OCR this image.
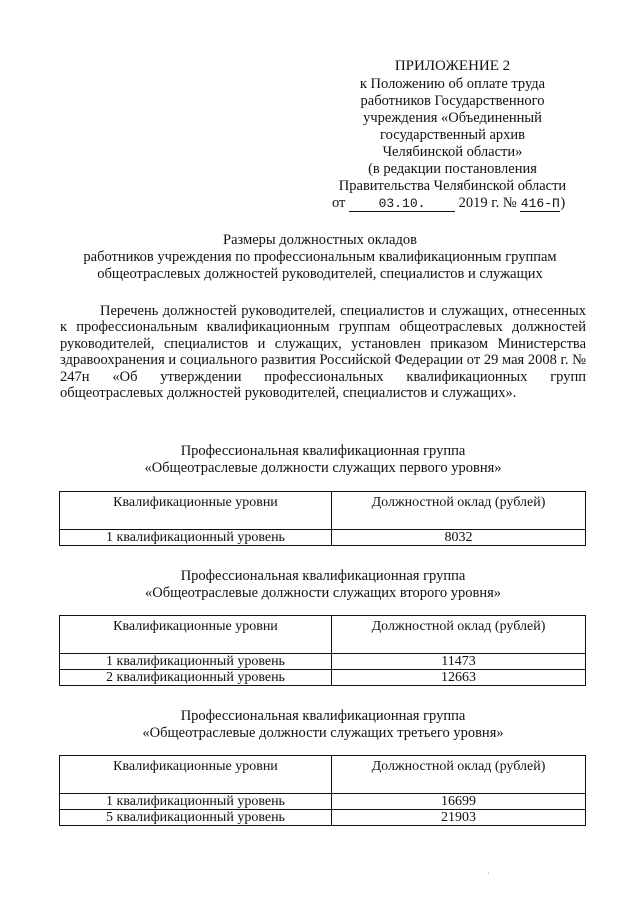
ПРИЛОЖЕНИЕ 2
к Положению об оплате труда
работников Государственного
учреждения «Объединенный
государственный архив
Челябинской области»
(в редакции постановления
Правительства Челябинской области
от	03.10. 2019 г. № 416-П)
Размеры должностных окладов
работников учреждения по профессиональным квалификационным группам
общеотраслевых должностей руководителей, специалистов и служащих
Перечень должностей руководителей, специалистов и служащих, отнесенных к профессиональным квалификационным группам общеотраслевых должностей руководителей, специалистов и служащих, установлен приказом Министерства здравоохранения и социального развития Российской Федерации от 29 мая 2008 г. № 247н «Об утверждении профессиональных квалификационных групп общеотраслевых должностей руководителей, специалистов и служащих».
Профессиональная квалификационная группа
«Общеотраслевые должности служащих первого уровня»
Квалификационные уровни	Должностной оклад (рублей)
1 квалификационный уровень	8032
Профессиональная квалификационная группа
«Общеотраслевые должности служащих второго уровня»
Квалификационные уровни	Должностной оклад (рублей)
1 квалификационный уровень	11473
2 квалификационный уровень	12663
Профессиональная квалификационная группа
«Общеотраслевые должности служащих третьего уровня»
Квалификационные уровни	Должностной оклад (рублей)
1 квалификационный уровень	16699
5 квалификационный уровень	21903
·
